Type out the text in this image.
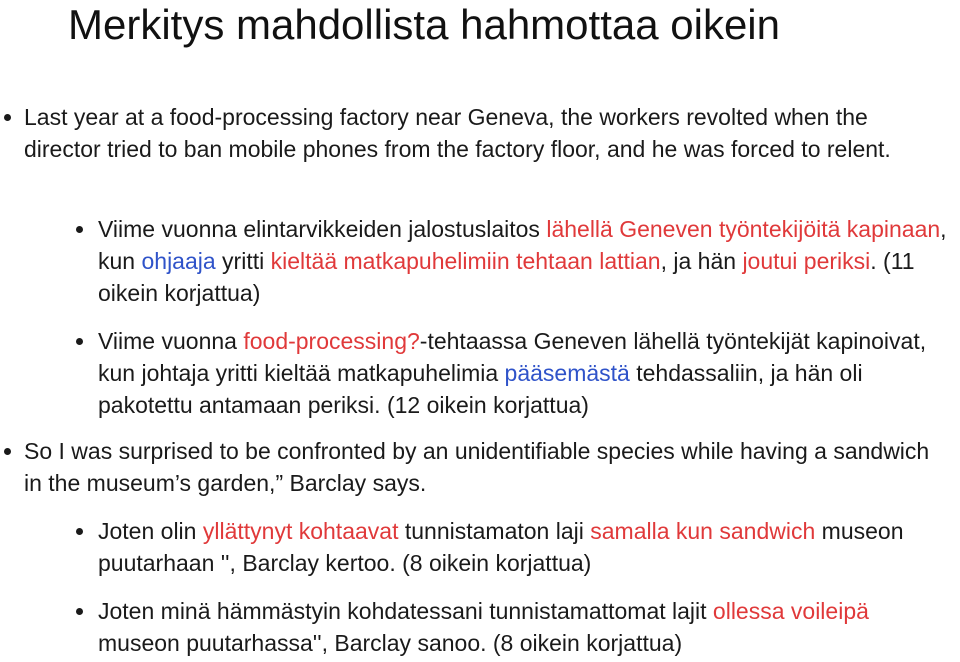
Merkitys mahdollista hahmottaa oikein

Last year at a food-processing factory near Geneva, the workers revolted when the director tried to ban mobile phones from the factory floor, and he was forced to relent.

Viime vuonna elintarvikkeiden jalostuslaitos lähellä Geneven työntekijöitä kapinaan, kun ohjaaja yritti kieltää matkapuhelimiin tehtaan lattian, ja hän joutui periksi. (11 oikein korjattua)

Viime vuonna food-processing?-tehtaassa Geneven lähellä työntekijät kapinoivat, kun johtaja yritti kieltää matkapuhelimia pääsemästä tehdassaliin, ja hän oli pakotettu antamaan periksi. (12 oikein korjattua)

So I was surprised to be confronted by an unidentifiable species while having a sandwich in the museum’s garden,” Barclay says.

Joten olin yllättynyt kohtaavat tunnistamaton laji samalla kun sandwich museon puutarhaan '', Barclay kertoo. (8 oikein korjattua)

Joten minä hämmästyin kohdatessani tunnistamattomat lajit ollessa voileipä museon puutarhassa'', Barclay sanoo. (8 oikein korjattua)
